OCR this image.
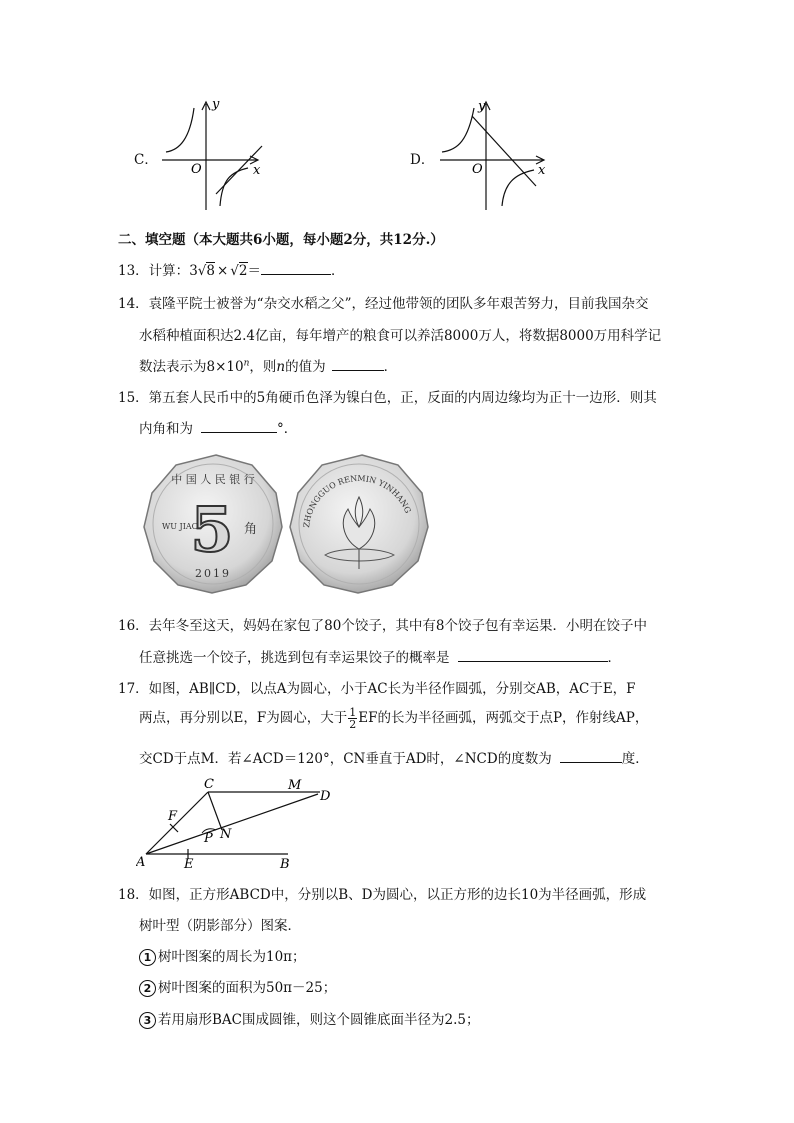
C．
y
x
O
D．
y
x
O
二、填空题（本大题共6小题，每小题2分，共12分.）
13．计算：3√8 × √2＝	．
14．袁隆平院士被誉为“杂交水稻之父”，经过他带领的团队多年艰苦努力，目前我国杂交
水稻种植面积达2.4亿亩，每年增产的粮食可以养活8000万人，将数据8000万用科学记
数法表示为$8\times 10^n$，则n的值为	．
15．第五套人民币中的5角硬币色泽为镍白色，正，反面的内周边缘均为正十一边形．则其
内角和为	°．
中 国 人 民 银 行
5
WU JIAO	角
2019
ZHONGGUO RENMIN YINHANG
16．去年冬至这天，妈妈在家包了80个饺子，其中有8个饺子包有幸运果．小明在饺子中
任意挑选一个饺子，挑选到包有幸运果饺子的概率是	．
17．如图，AB∥CD，以点A为圆心，小于AC长为半径作圆弧，分别交AB，AC于E，F
两点，再分别以E，F为圆心，大于 $\frac{1}{2}$ EF的长为半径画弧，两弧交于点P，作射线AP，
交CD于点M．若∠ACD＝120°，CN垂直于AD时，∠NCD的度数为	度．
A	E	B
C	M
D
F
N
P
18．如图，正方形ABCD中，分别以B、D为圆心，以正方形的边长10为半径画弧，形成
树叶型（阴影部分）图案．
1 树叶图案的周长为10π；
2 树叶图案的面积为50π－25；
3 若用扇形BAC围成圆锥，则这个圆锥底面半径为2.5；
